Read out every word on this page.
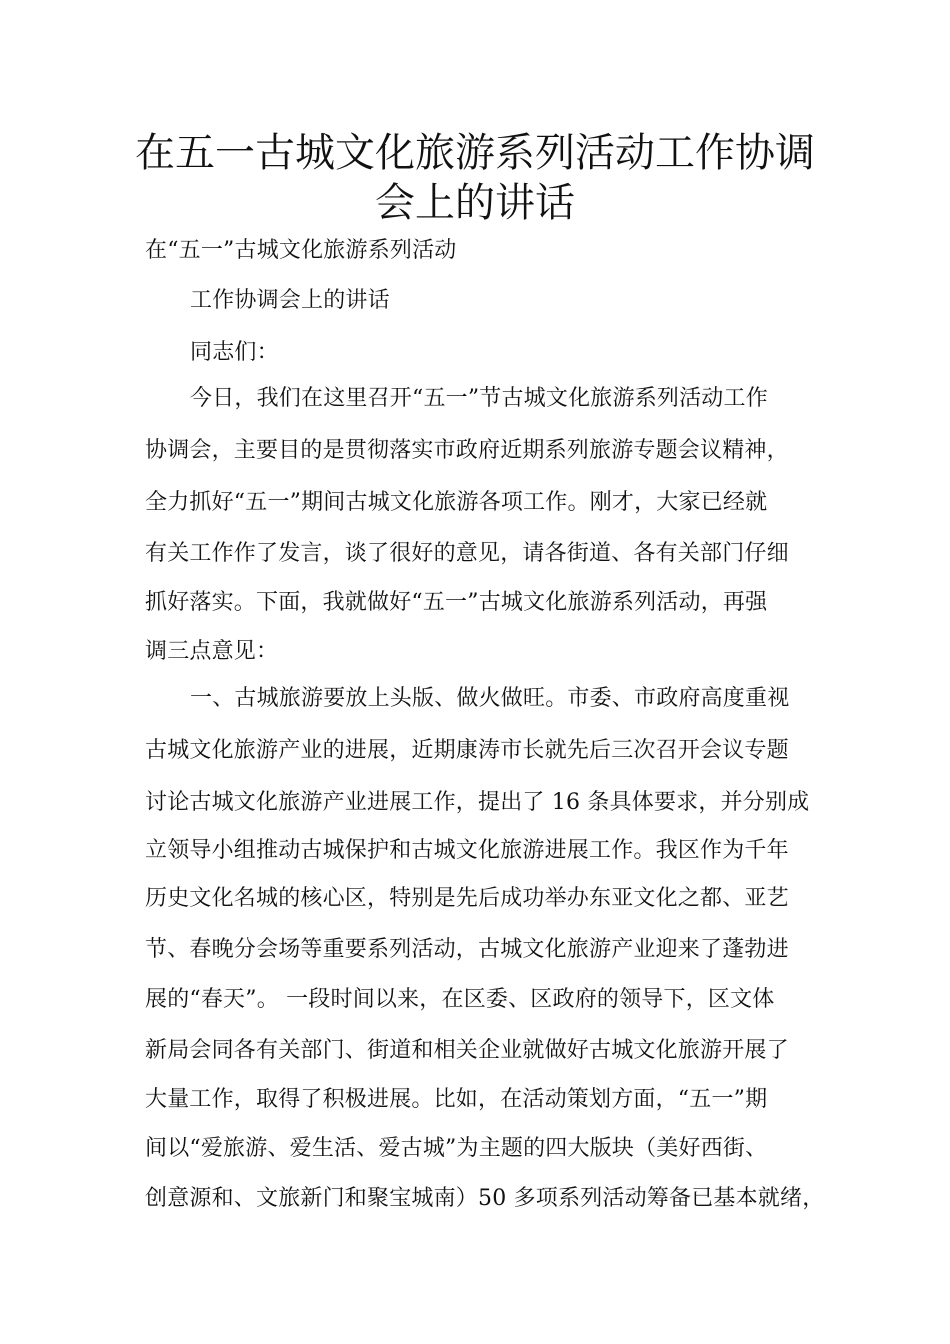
在五一古城文化旅游系列活动工作协调
会上的讲话
在“五一”古城文化旅游系列活动
工作协调会上的讲话
同志们：
今日，我们在这里召开“五一”节古城文化旅游系列活动工作
协调会，主要目的是贯彻落实市政府近期系列旅游专题会议精神，
全力抓好“五一”期间古城文化旅游各项工作。刚才，大家已经就
有关工作作了发言，谈了很好的意见，请各街道、各有关部门仔细
抓好落实。下面，我就做好“五一”古城文化旅游系列活动，再强
调三点意见：
一、古城旅游要放上头版、做火做旺。市委、市政府高度重视
古城文化旅游产业的进展，近期康涛市长就先后三次召开会议专题
讨论古城文化旅游产业进展工作，提出了 16 条具体要求，并分别成
立领导小组推动古城保护和古城文化旅游进展工作。我区作为千年
历史文化名城的核心区，特别是先后成功举办东亚文化之都、亚艺
节、春晚分会场等重要系列活动，古城文化旅游产业迎来了蓬勃进
展的“春天”。 一段时间以来，在区委、区政府的领导下，区文体
新局会同各有关部门、街道和相关企业就做好古城文化旅游开展了
大量工作，取得了积极进展。比如，在活动策划方面，“五一”期
间以“爱旅游、爱生活、爱古城”为主题的四大版块（美好西街、
创意源和、文旅新门和聚宝城南）50 多项系列活动筹备已基本就绪，
